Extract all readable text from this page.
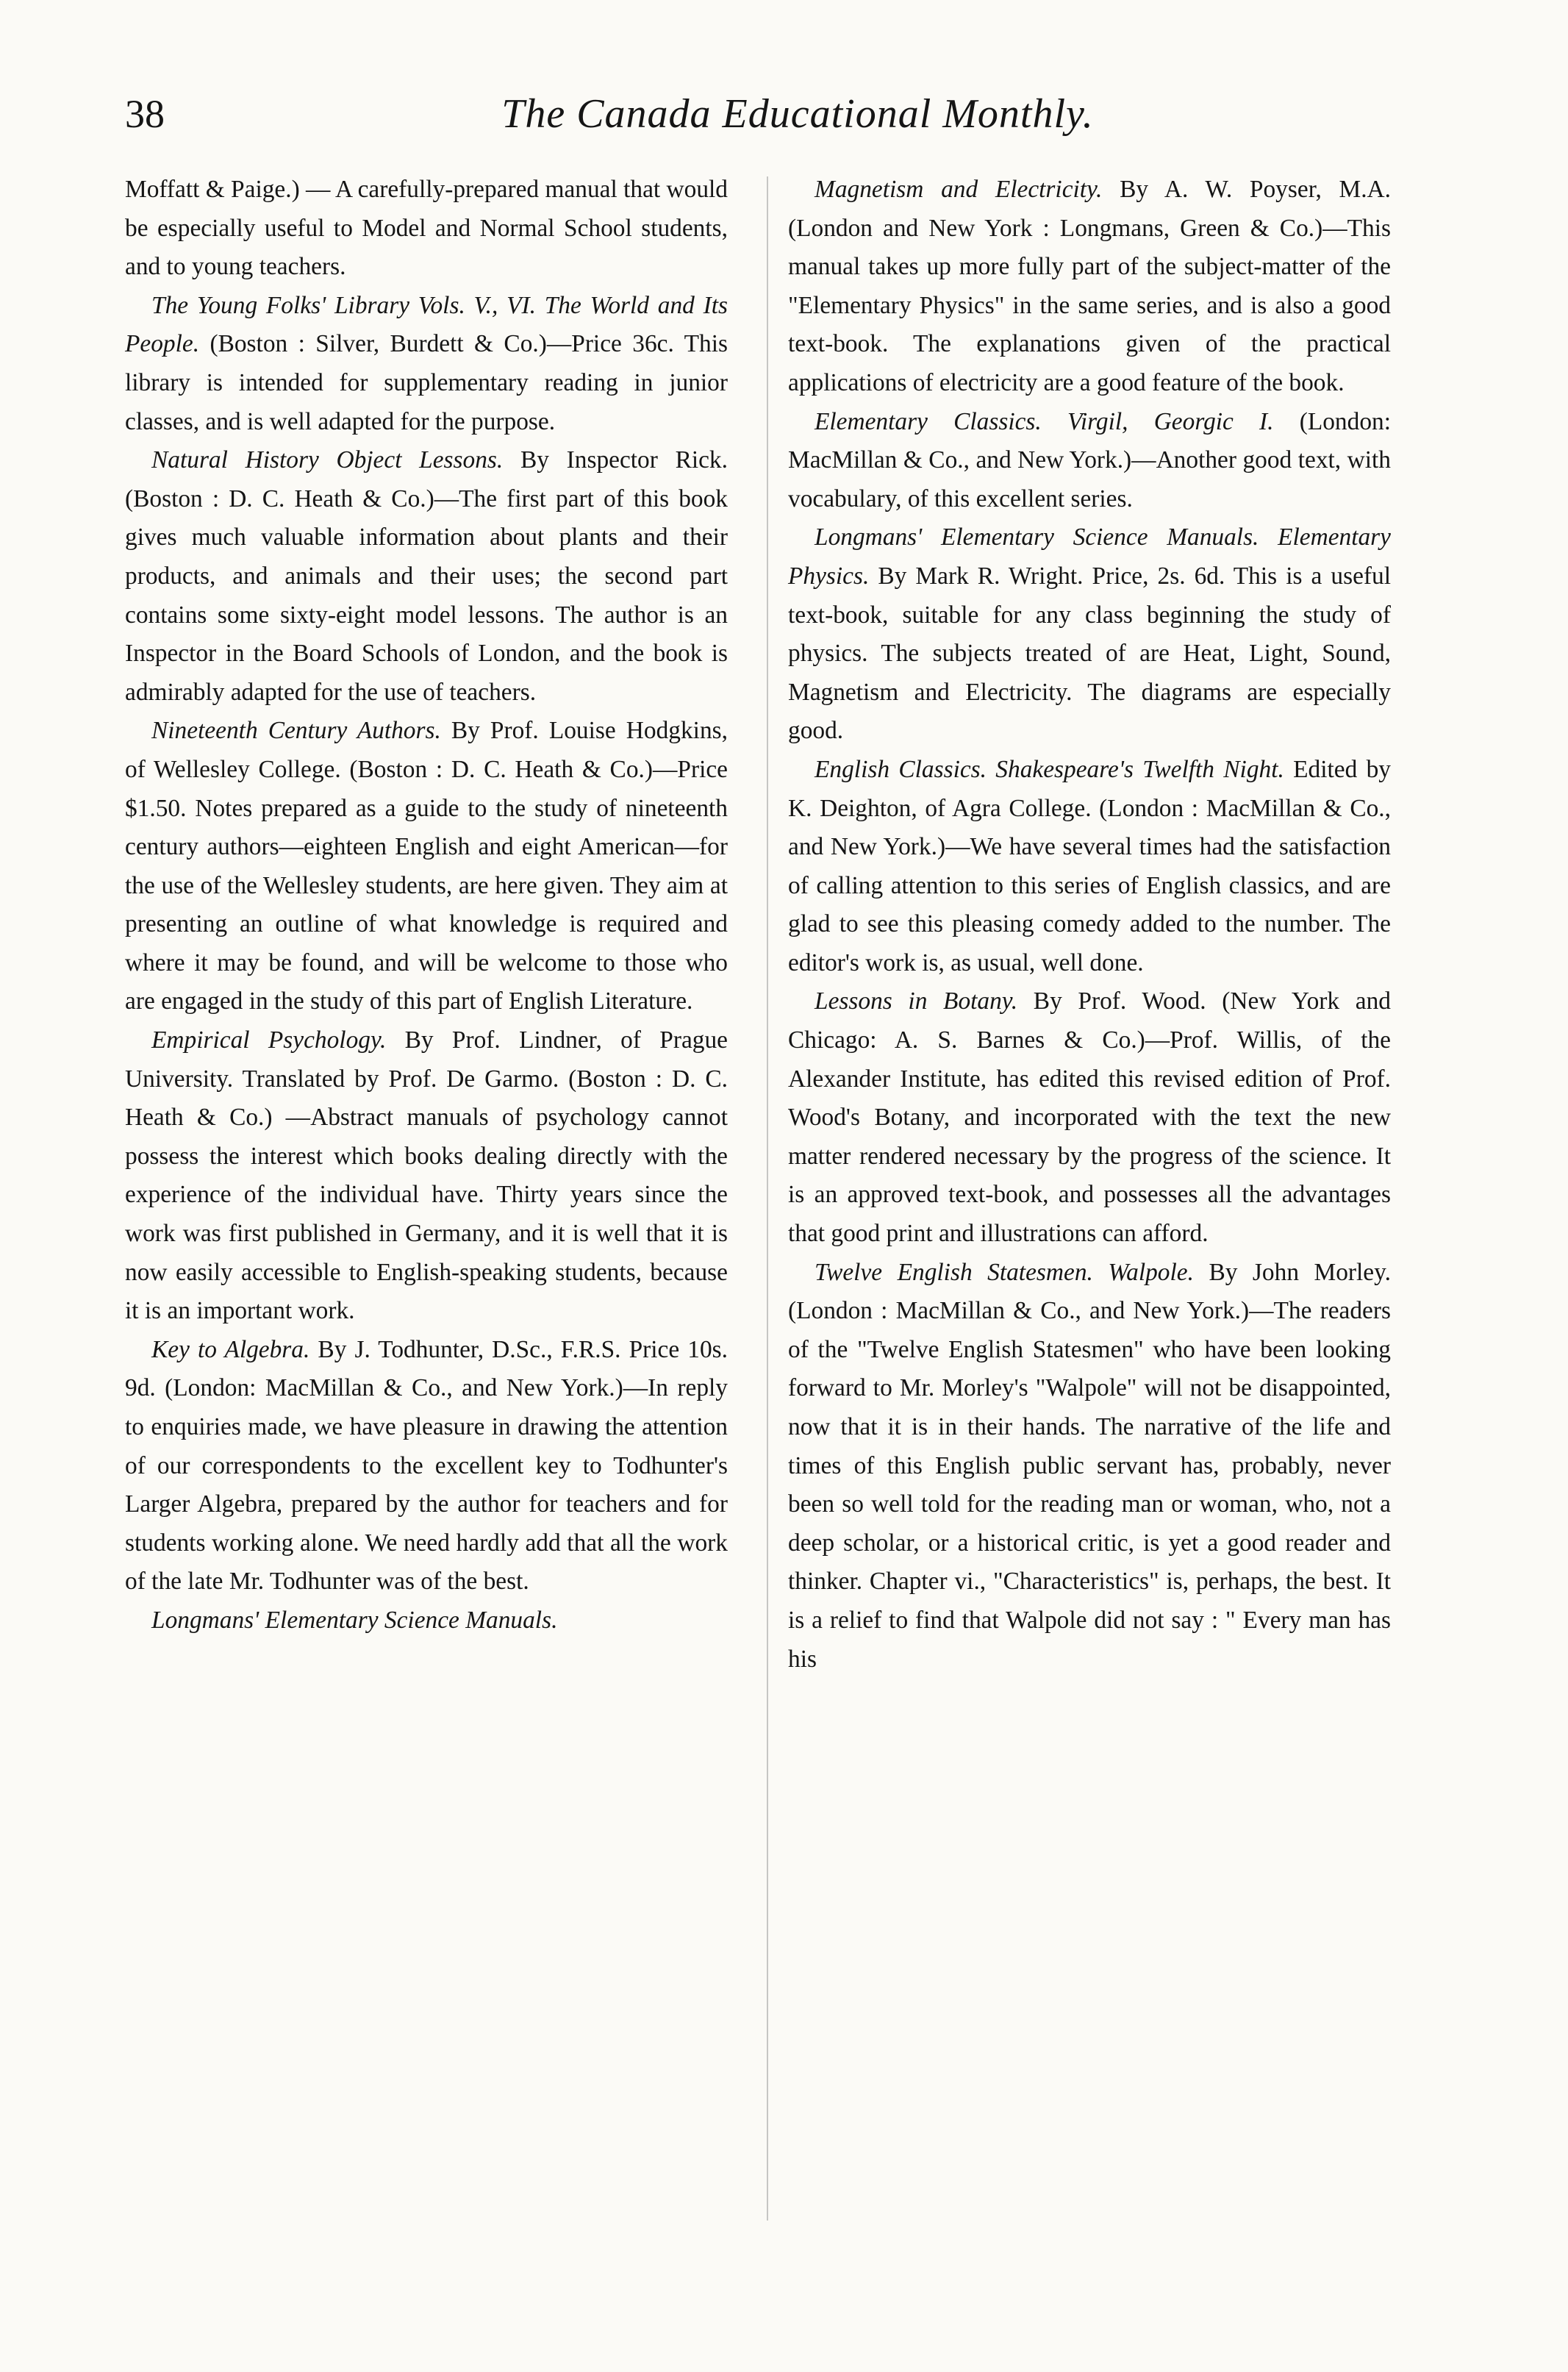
38	The Canada Educational Monthly.

Moffatt & Paige.) — A carefully-prepared manual that would be especially useful to Model and Normal School students, and to young teachers.

The Young Folks' Library Vols. V., VI. The World and Its People. (Boston : Silver, Burdett & Co.)—Price 36c. This library is intended for supplementary reading in junior classes, and is well adapted for the purpose.

Natural History Object Lessons. By Inspector Rick. (Boston : D. C. Heath & Co.)—The first part of this book gives much valuable information about plants and their products, and animals and their uses; the second part contains some sixty-eight model lessons. The author is an Inspector in the Board Schools of London, and the book is admirably adapted for the use of teachers.

Nineteenth Century Authors. By Prof. Louise Hodgkins, of Wellesley College. (Boston : D. C. Heath & Co.)—Price $1.50. Notes prepared as a guide to the study of nineteenth century authors—eighteen English and eight American—for the use of the Wellesley students, are here given. They aim at presenting an outline of what knowledge is required and where it may be found, and will be welcome to those who are engaged in the study of this part of English Literature.

Empirical Psychology. By Prof. Lindner, of Prague University. Translated by Prof. De Garmo. (Boston : D. C. Heath & Co.) —Abstract manuals of psychology cannot possess the interest which books dealing directly with the experience of the individual have. Thirty years since the work was first published in Germany, and it is well that it is now easily accessible to English-speaking students, because it is an important work.

Key to Algebra. By J. Todhunter, D.Sc., F.R.S. Price 10s. 9d. (London: MacMillan & Co., and New York.)—In reply to enquiries made, we have pleasure in drawing the attention of our correspondents to the excellent key to Todhunter's Larger Algebra, prepared by the author for teachers and for students working alone. We need hardly add that all the work of the late Mr. Todhunter was of the best.

Longmans' Elementary Science Manuals.

Magnetism and Electricity. By A. W. Poyser, M.A. (London and New York : Longmans, Green & Co.)—This manual takes up more fully part of the subject-matter of the "Elementary Physics" in the same series, and is also a good text-book. The explanations given of the practical applications of electricity are a good feature of the book.

Elementary Classics. Virgil, Georgic I. (London: MacMillan & Co., and New York.)—Another good text, with vocabulary, of this excellent series.

Longmans' Elementary Science Manuals. Elementary Physics. By Mark R. Wright. Price, 2s. 6d. This is a useful text-book, suitable for any class beginning the study of physics. The subjects treated of are Heat, Light, Sound, Magnetism and Electricity. The diagrams are especially good.

English Classics. Shakespeare's Twelfth Night. Edited by K. Deighton, of Agra College. (London : MacMillan & Co., and New York.)—We have several times had the satisfaction of calling attention to this series of English classics, and are glad to see this pleasing comedy added to the number. The editor's work is, as usual, well done.

Lessons in Botany. By Prof. Wood. (New York and Chicago: A. S. Barnes & Co.)—Prof. Willis, of the Alexander Institute, has edited this revised edition of Prof. Wood's Botany, and incorporated with the text the new matter rendered necessary by the progress of the science. It is an approved text-book, and possesses all the advantages that good print and illustrations can afford.

Twelve English Statesmen. Walpole. By John Morley. (London : MacMillan & Co., and New York.)—The readers of the "Twelve English Statesmen" who have been looking forward to Mr. Morley's "Walpole" will not be disappointed, now that it is in their hands. The narrative of the life and times of this English public servant has, probably, never been so well told for the reading man or woman, who, not a deep scholar, or a historical critic, is yet a good reader and thinker. Chapter vi., "Characteristics" is, perhaps, the best. It is a relief to find that Walpole did not say : " Every man has his
